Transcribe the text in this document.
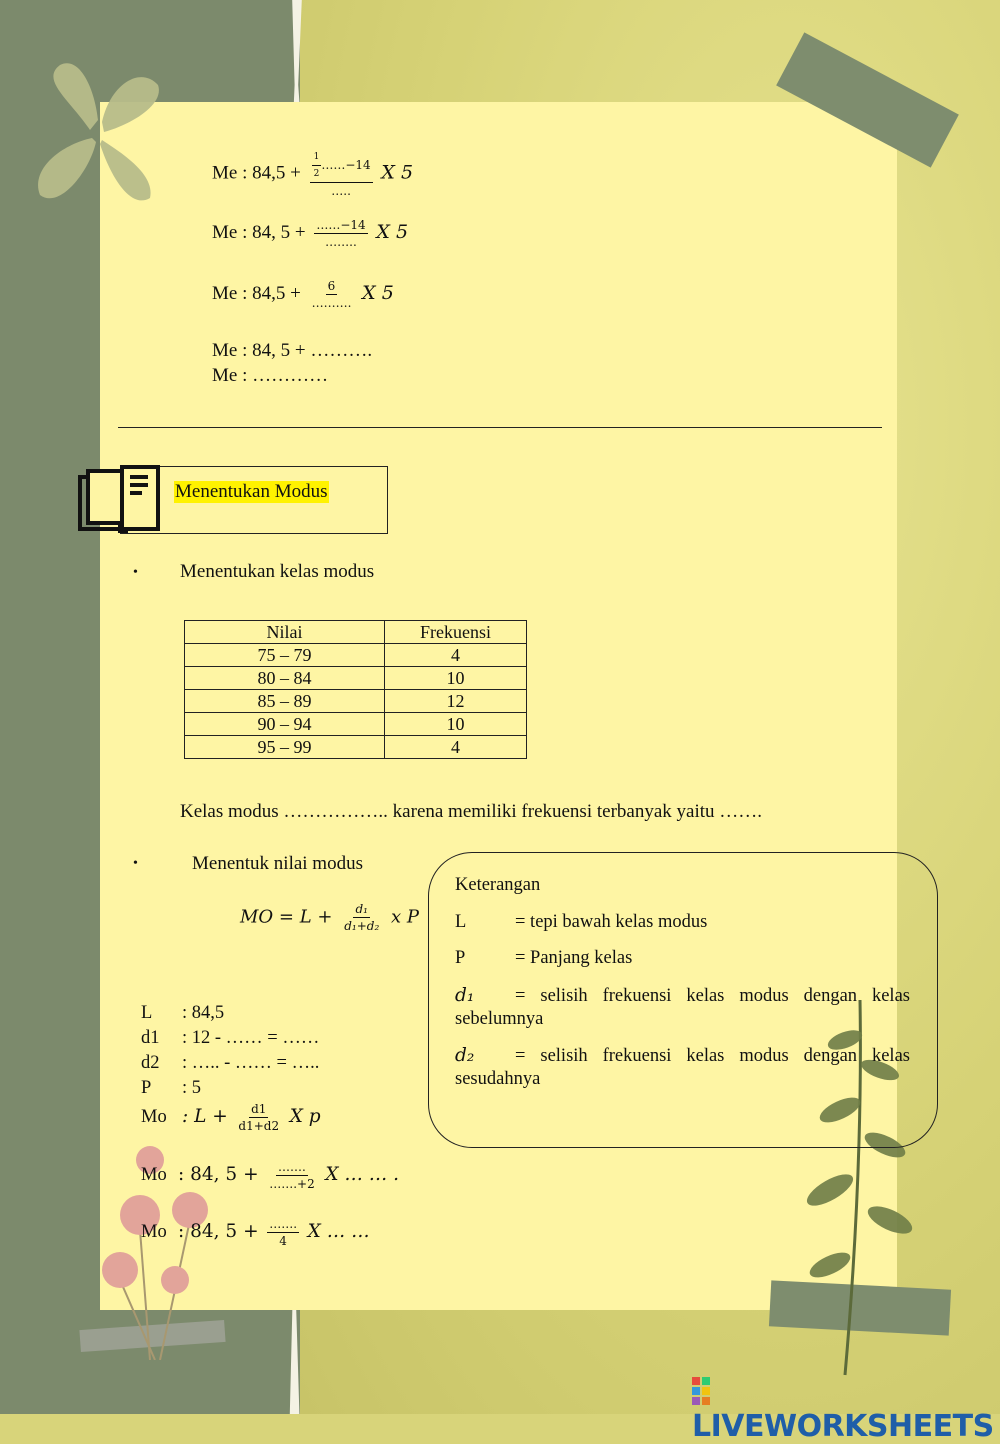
Me : $84,5 + \frac{\frac{1}{2} \dots\dots-14}{\dots..}$ X 5
Me : 84, $5 + \frac{\dots\dots-14}{\dots\dots..}$ X 5
Me : $84,5 + \frac{6}{\dots\dots\dots.}$ X 5
Me : 84, 5 + ……….
Me : …………
Menentukan Modus
• Menentukan kelas modus
Nilai	Frekuensi
75 – 79	4
80 – 84	10
85 – 89	12
90 – 94	10
95 – 99	4
Kelas modus …………….. karena memiliki frekuensi terbanyak yaitu …….
•	Menentuk nilai modus
MO = $L + \frac{\text{d₁}}{\text{d₁+d₂}}$ x P
L : 84,5
d1 : 12 - …… = ……
d2 : ….. - …… = …..
P : 5
Mo : $L + \frac{d1}{d1+d2}$ X p
Mo : 84, $5 + \frac{\dots\dots.}{\dots\dots.+2}$ X … … .
Mo : 84, $5 + \frac{\dots\dots.}{4}$ X … …
Keterangan
L	= tepi bawah kelas modus
P	= Panjang kelas
d₁	= selisih frekuensi kelas modus dengan kelas sebelumnya
d₂	= selisih frekuensi kelas modus dengan kelas sesudahnya
LIVEWORKSHEETS
